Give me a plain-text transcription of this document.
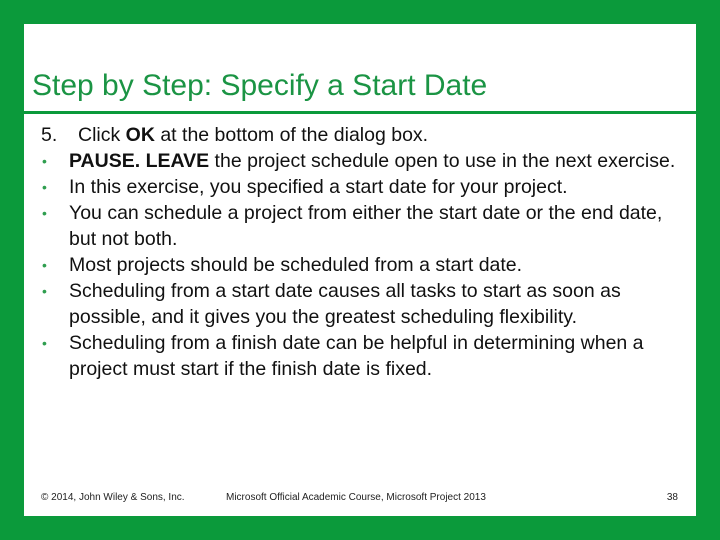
Step by Step: Specify a Start Date
5.	Click OK at the bottom of the dialog box.
•	PAUSE. LEAVE the project schedule open to use in the next exercise.
•	In this exercise, you specified a start date for your project.
•	You can schedule a project from either the start date or the end date, but not both.
•	Most projects should be scheduled from a start date.
•	Scheduling from a start date causes all tasks to start as soon as possible, and it gives you the greatest scheduling flexibility.
•	Scheduling from a finish date can be helpful in determining when a project must start if the finish date is fixed.
© 2014, John Wiley & Sons, Inc.	Microsoft Official Academic Course, Microsoft Project 2013	38
